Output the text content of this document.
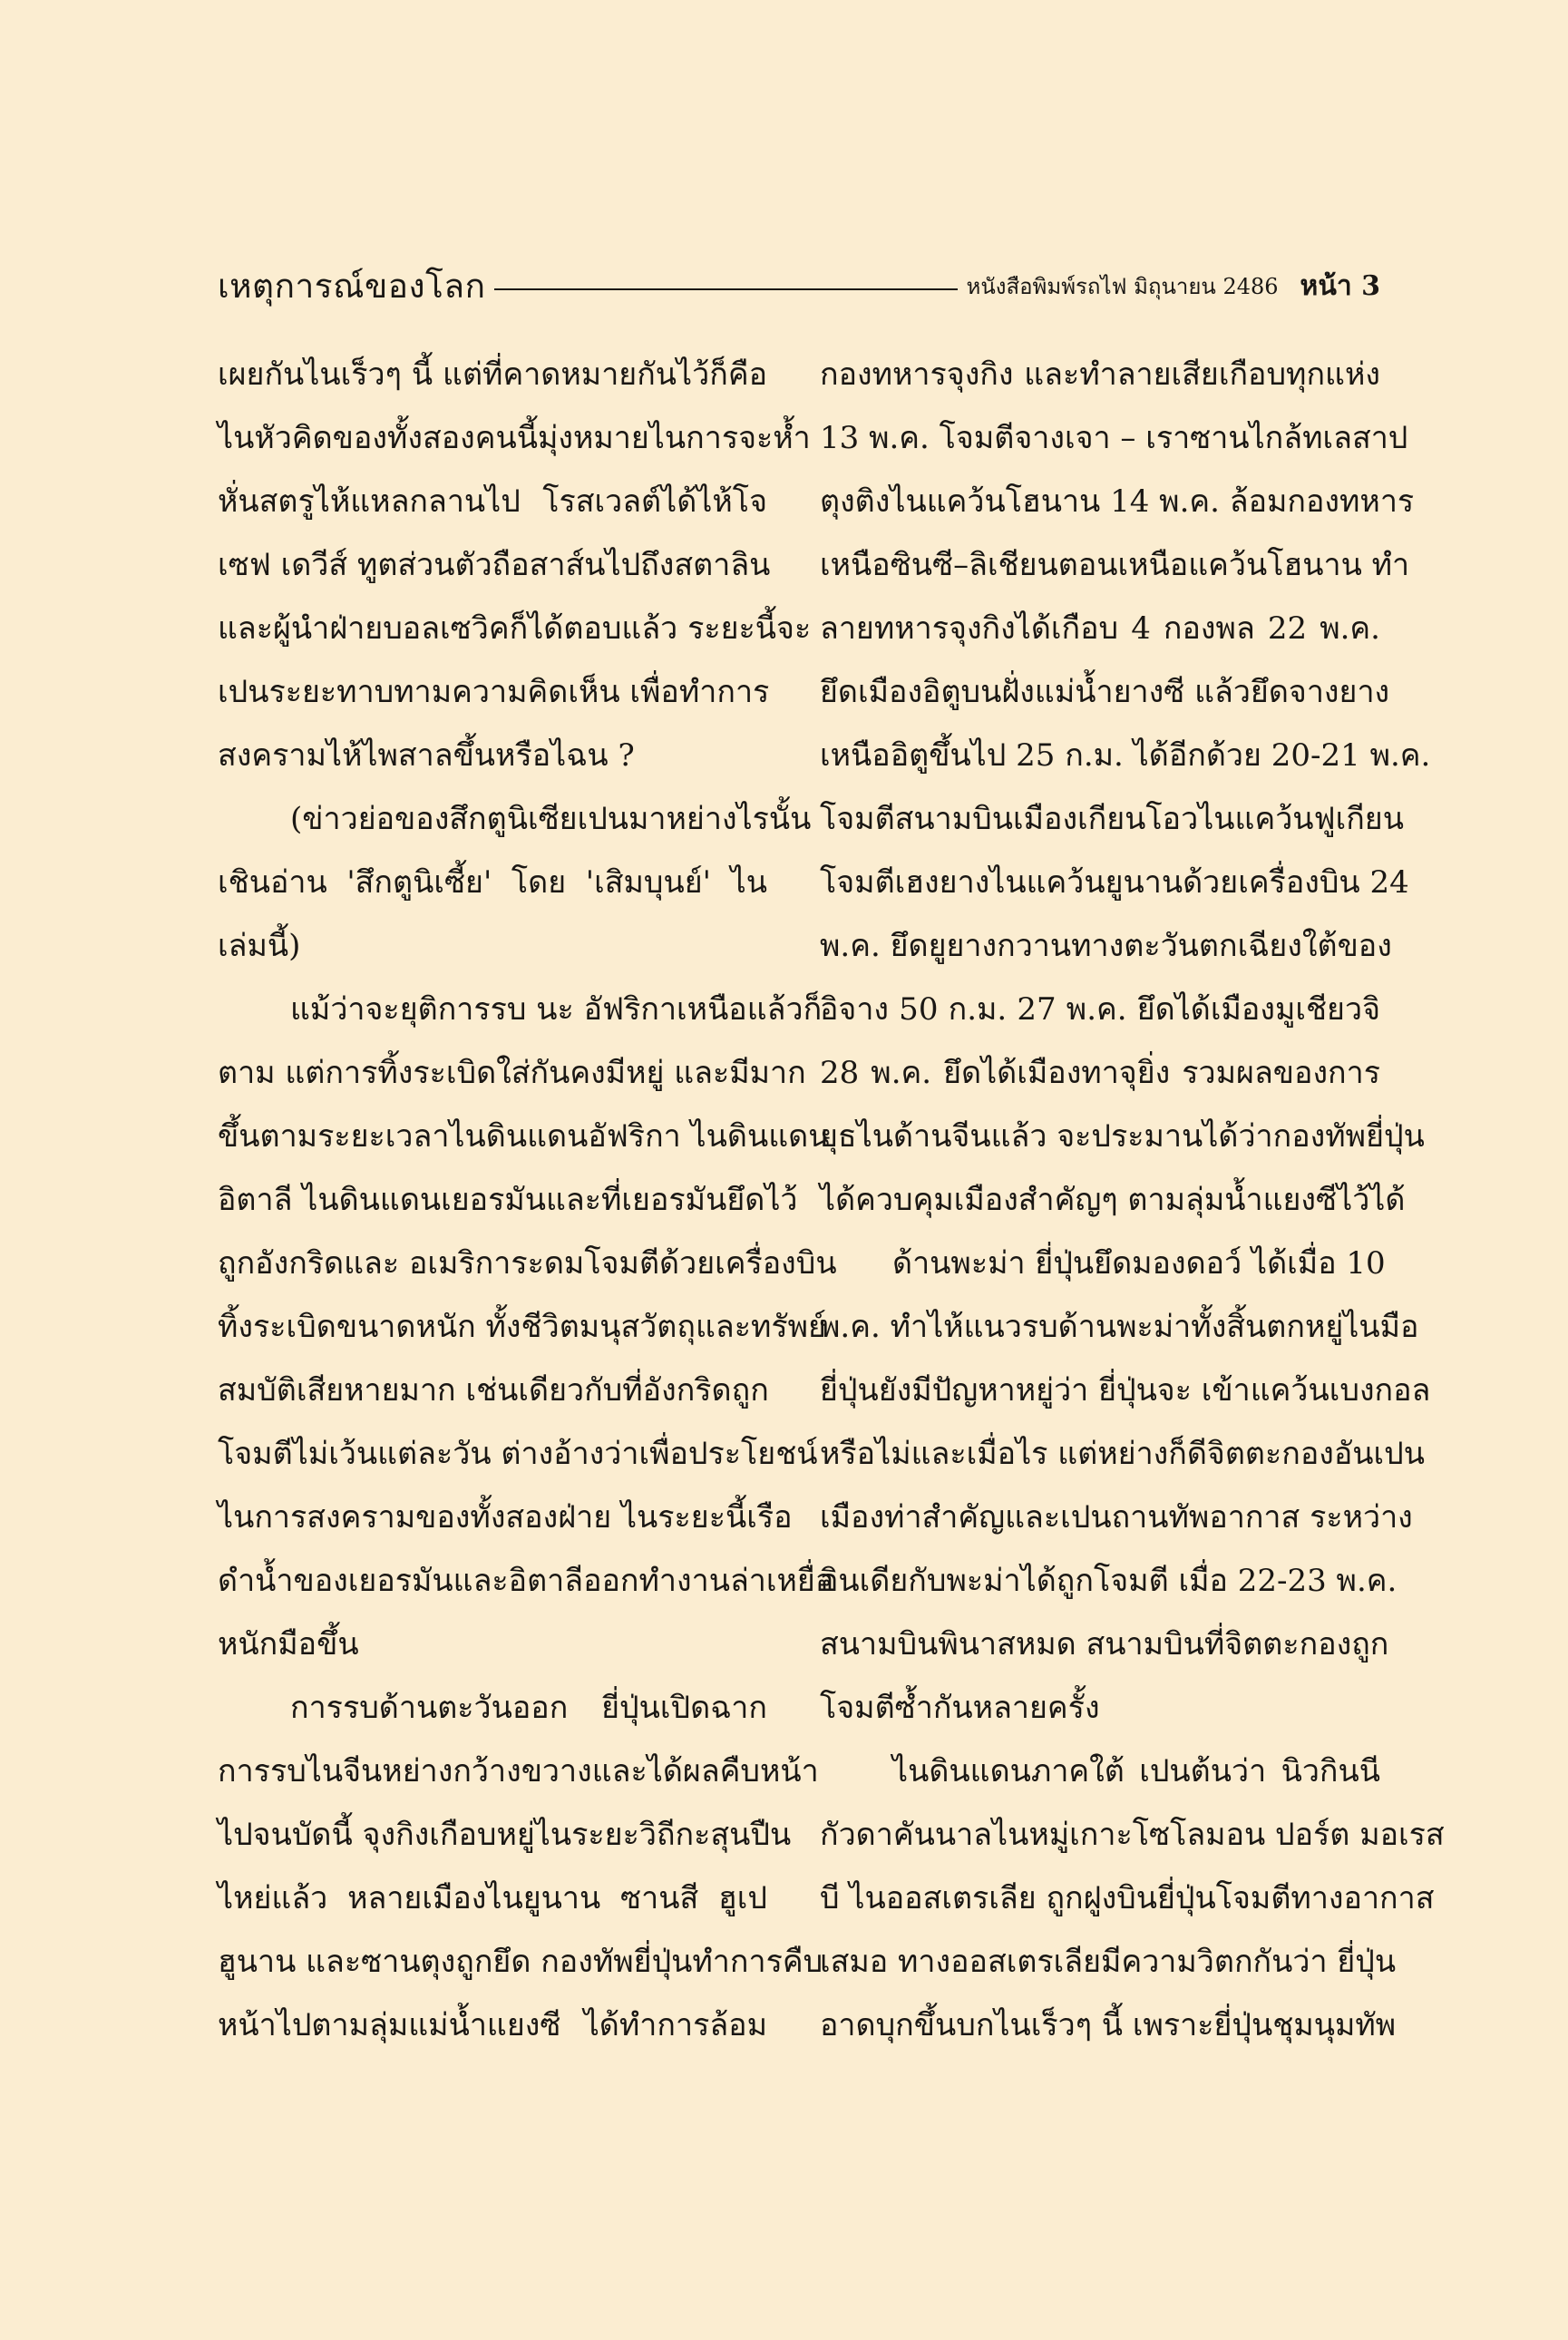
เหตุการณ์ของโลก	หนังสือพิมพ์รถไฟ มิถุนายน 2486 หน้า 3
เผยกันไนเร็วๆ นี้ แต่ที่คาดหมายกันไว้ก็คือ
ไนหัวคิดของทั้งสองคนนี้มุ่งหมายไนการจะห้ำ
หั่นสตรูไห้แหลกลานไป โรสเวลต์ได้ไห้โจ
เซฟ เดวีส์ ทูตส่วนตัวถือสาส์นไปถึงสตาลิน
และผู้นำฝ่ายบอลเซวิคก็ได้ตอบแล้ว ระยะนี้จะ
เปนระยะทาบทามความคิดเห็น เพื่อทำการ
สงครามไห้ไพสาลขึ้นหรือไฉน ?
(ข่าวย่อของสึกตูนิเซียเปนมาหย่างไรนั้น
เชินอ่าน 'สึกตูนิเซี้ย' โดย 'เสิมบุนย์' ไน
เล่มนี้)
แม้ว่าจะยุติการรบ นะ อัฟริกาเหนือแล้วก็
ตาม แต่การทิ้งระเบิดใส่กันคงมีหยู่ และมีมาก
ขึ้นตามระยะเวลาไนดินแดนอัฟริกา ไนดินแดน
อิตาลี ไนดินแดนเยอรมันและที่เยอรมันยึดไว้
ถูกอังกริดและ อเมริการะดมโจมตีด้วยเครื่องบิน
ทิ้งระเบิดขนาดหนัก ทั้งชีวิตมนุสวัตถุและทรัพย์
สมบัติเสียหายมาก เช่นเดียวกับที่อังกริดถูก
โจมตีไม่เว้นแต่ละวัน ต่างอ้างว่าเพื่อประโยชน์
ไนการสงครามของทั้งสองฝ่าย ไนระยะนี้เรือ
ดำน้ำของเยอรมันและอิตาลีออกทำงานล่าเหยื่อ
หนักมือขึ้น
การรบด้านตะวันออก ยี่ปุ่นเปิดฉาก
การรบไนจีนหย่างกว้างขวางและได้ผลคืบหน้า
ไปจนบัดนี้ จุงกิงเกือบหยู่ไนระยะวิถีกะสุนปืน
ไหย่แล้ว หลายเมืองไนยูนาน ซานสี ฮูเป
ฮูนาน และซานตุงถูกยึด กองทัพยี่ปุ่นทำการคืบ
หน้าไปตามลุ่มแม่น้ำแยงซี ได้ทำการล้อม
กองทหารจุงกิง และทำลายเสียเกือบทุกแห่ง
13 พ.ค. โจมตีจางเจา – เราซานไกล้ทเลสาป
ตุงติงไนแคว้นโฮนาน 14 พ.ค. ล้อมกองทหาร
เหนือซินซี–ลิเชียนตอนเหนือแคว้นโฮนาน ทำ
ลายทหารจุงกิงได้เกือบ 4 กองพล 22 พ.ค.
ยึดเมืองอิตูบนฝั่งแม่น้ำยางซี แล้วยึดจางยาง
เหนืออิตูขึ้นไป 25 ก.ม. ได้อีกด้วย 20-21 พ.ค.
โจมตีสนามบินเมืองเกียนโอวไนแคว้นฟูเกียน
โจมตีเฮงยางไนแคว้นยูนานด้วยเครื่องบิน 24
พ.ค. ยึดยูยางกวานทางตะวันตกเฉียงใต้ของ
อิจาง 50 ก.ม. 27 พ.ค. ยึดได้เมืองมูเชียวจิ
28 พ.ค. ยึดได้เมืองทาจุยิ่ง รวมผลของการ
ยุธไนด้านจีนแล้ว จะประมานได้ว่ากองทัพยี่ปุ่น
ได้ควบคุมเมืองสำคัญๆ ตามลุ่มน้ำแยงซีไว้ได้
ด้านพะม่า ยี่ปุ่นยึดมองดอว์ ได้เมื่อ 10
พ.ค. ทำไห้แนวรบด้านพะม่าทั้งสิ้นตกหยู่ไนมือ
ยี่ปุ่นยังมีปัญหาหยู่ว่า ยี่ปุ่นจะ เข้าแคว้นเบงกอล
หรือไม่และเมื่อไร แต่หย่างก็ดีจิตตะกองอันเปน
เมืองท่าสำคัญและเปนถานทัพอากาส ระหว่าง
อินเดียกับพะม่าได้ถูกโจมตี เมื่อ 22-23 พ.ค.
สนามบินพินาสหมด สนามบินที่จิตตะกองถูก
โจมตีซ้ำกันหลายครั้ง
ไนดินแดนภาคใต้ เปนต้นว่า นิวกินนี
กัวดาคันนาลไนหมู่เกาะโซโลมอน ปอร์ต มอเรส
บี ไนออสเตรเลีย ถูกฝูงบินยี่ปุ่นโจมตีทางอากาส
เสมอ ทางออสเตรเลียมีความวิตกกันว่า ยี่ปุ่น
อาดบุกขึ้นบกไนเร็วๆ นี้ เพราะยี่ปุ่นชุมนุมทัพ
